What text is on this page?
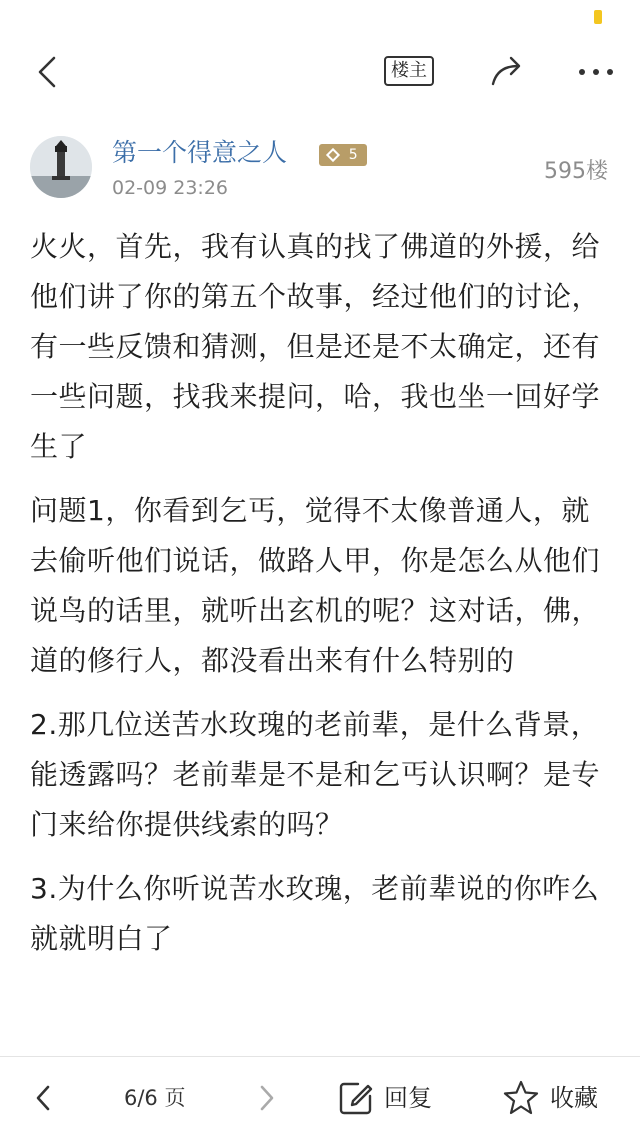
楼主
第一个得意之人	5
02-09 23:26
595楼

火火，首先，我有认真的找了佛道的外援，给他们讲了你的第五个故事，经过他们的讨论，有一些反馈和猜测，但是还是不太确定，还有一些问题，找我来提问，哈，我也坐一回好学生了

问题1，你看到乞丐，觉得不太像普通人，就去偷听他们说话，做路人甲，你是怎么从他们说鸟的话里，就听出玄机的呢？这对话，佛，道的修行人，都没看出来有什么特别的

2.那几位送苦水玫瑰的老前辈，是什么背景，能透露吗？老前辈是不是和乞丐认识啊？是专门来给你提供线索的吗？

3.为什么你听说苦水玫瑰，老前辈说的你咋么就就明白了

6/6 页	回复	收藏
